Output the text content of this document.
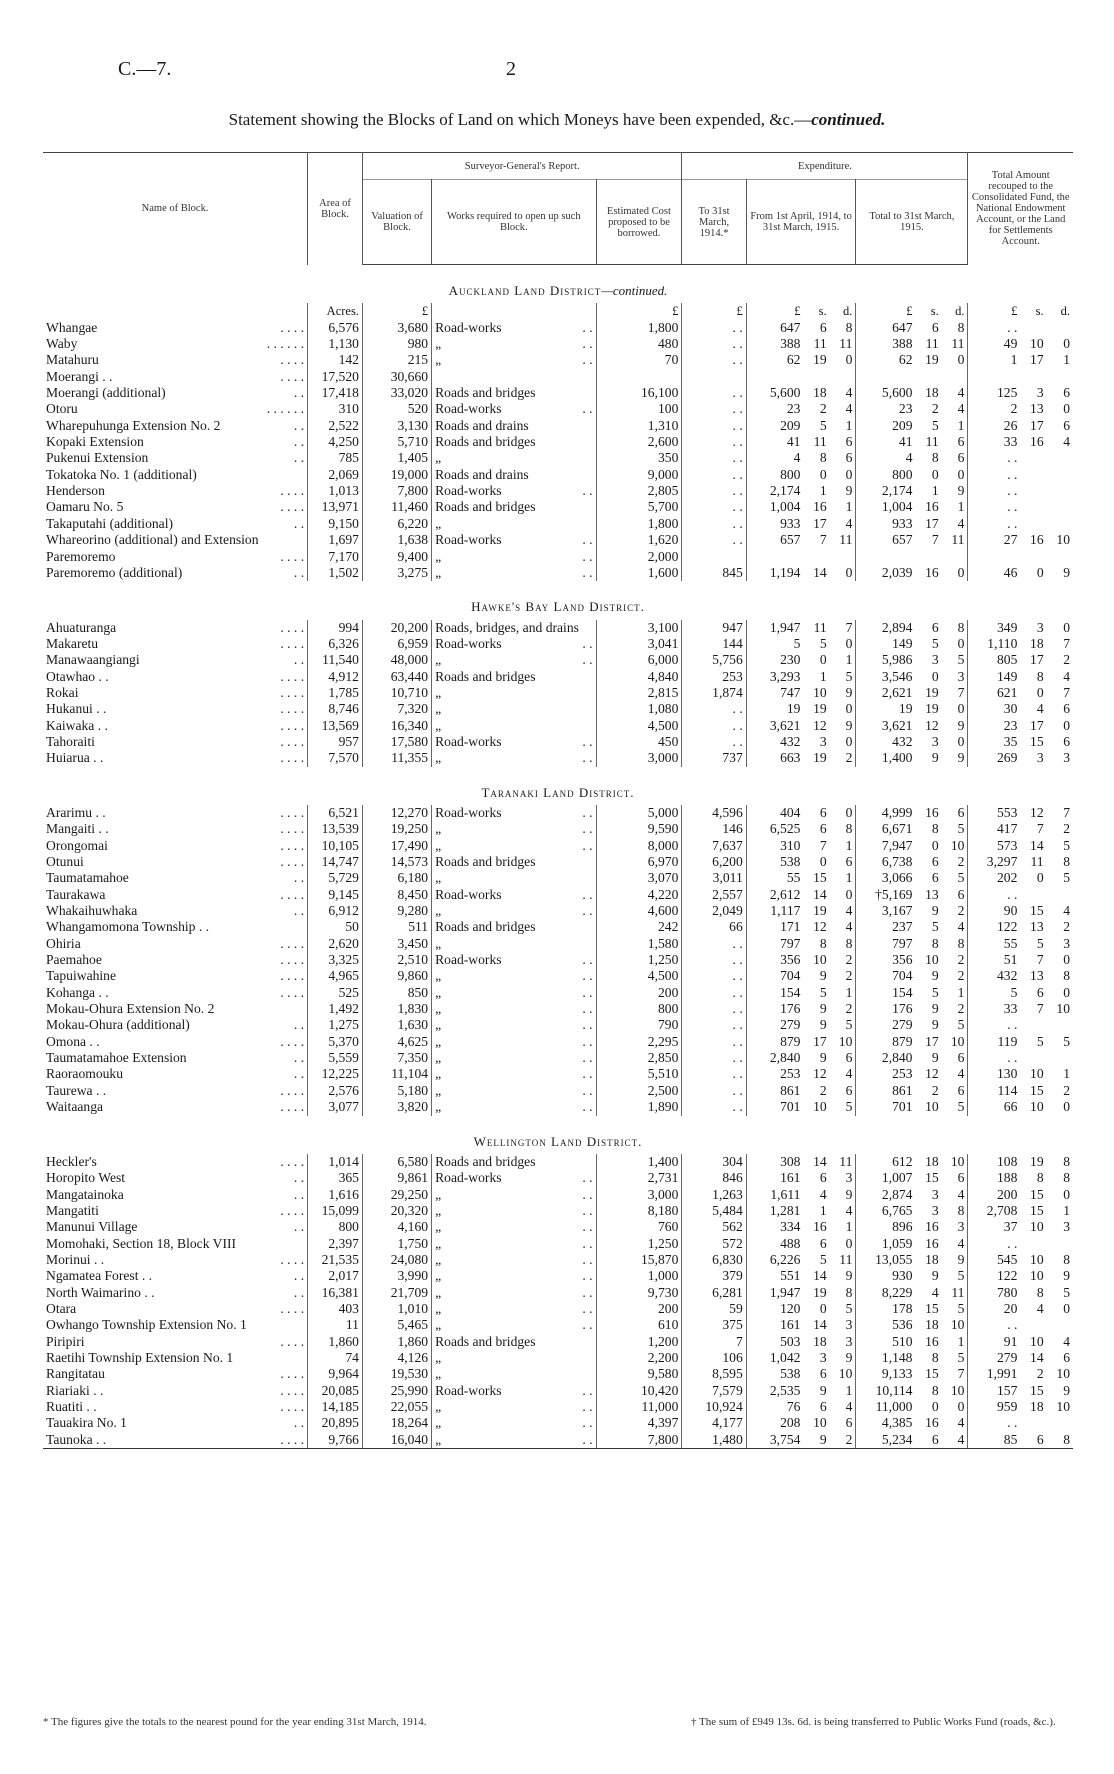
C.—7.	2
Statement showing the Blocks of Land on which Moneys have been expended, &c.—continued.
Name of Block.	Area of Block.	Surveyor-General's Report.			Expenditure.							Total Amount recouped to the Consolidated Fund, the National Endowment Account, or the Land for Settlements Account.		
		Valuation of Block.	Works required to open up such Block.	Estimated Cost proposed to be borrowed.	To 31st March, 1914.*	From 1st April, 1914, to 31st March, 1915.			Total to 31st March, 1915.					
Auckland Land District—continued.														
	Acres.	£		£	£	£	s.	d.	£	s.	d.	£	s.	d.
Whangae . . . .	6,576	3,680	Road-works . .	1,800	. .	647	6	8	647	6	8	. .		
Waby . . . . . .	1,130	980	„ . .	480	. .	388	11	11	388	11	11	49	10	0
Matahuru . . . .	142	215	„ . .	70	. .	62	19	0	62	19	0	1	17	1
Moerangi . . . . . .	17,520	30,660												
Moerangi (additional) . .	17,418	33,020	Roads and bridges	16,100	. .	5,600	18	4	5,600	18	4	125	3	6
Otoru . . . . . .	310	520	Road-works . .	100	. .	23	2	4	23	2	4	2	13	0
Wharepuhunga Extension No. 2 . .	2,522	3,130	Roads and drains	1,310	. .	209	5	1	209	5	1	26	17	6
Kopaki Extension . .	4,250	5,710	Roads and bridges	2,600	. .	41	11	6	41	11	6	33	16	4
Pukenui Extension . .	785	1,405	„	350	. .	4	8	6	4	8	6	. .		
Tokatoka No. 1 (additional)	2,069	19,000	Roads and drains	9,000	. .	800	0	0	800	0	0	. .		
Henderson . . . .	1,013	7,800	Road-works . .	2,805	. .	2,174	1	9	2,174	1	9	. .		
Oamaru No. 5 . . . .	13,971	11,460	Roads and bridges	5,700	. .	1,004	16	1	1,004	16	1	. .		
Takaputahi (additional) . .	9,150	6,220	„	1,800	. .	933	17	4	933	17	4	. .		
Whareorino (additional) and Extension	1,697	1,638	Road-works . .	1,620	. .	657	7	11	657	7	11	27	16	10
Paremoremo . . . .	7,170	9,400	„ . .	2,000										
Paremoremo (additional) . .	1,502	3,275	„ . .	1,600	845	1,194	14	0	2,039	16	0	46	0	9
Hawke's Bay Land District.														
Ahuaturanga . . . .	994	20,200	Roads, bridges, and drains	3,100	947	1,947	11	7	2,894	6	8	349	3	0
Makaretu . . . .	6,326	6,959	Road-works . .	3,041	144	5	5	0	149	5	0	1,110	18	7
Manawaangiangi . .	11,540	48,000	„ . .	6,000	5,756	230	0	1	5,986	3	5	805	17	2
Otawhao . . . . . .	4,912	63,440	Roads and bridges	4,840	253	3,293	1	5	3,546	0	3	149	8	4
Rokai . . . .	1,785	10,710	„	2,815	1,874	747	10	9	2,621	19	7	621	0	7
Hukanui . . . . . .	8,746	7,320	„	1,080	. .	19	19	0	19	19	0	30	4	6
Kaiwaka . . . . . .	13,569	16,340	„	4,500	. .	3,621	12	9	3,621	12	9	23	17	0
Tahoraiti . . . .	957	17,580	Road-works . .	450	. .	432	3	0	432	3	0	35	15	6
Huiarua . . . . . .	7,570	11,355	„ . .	3,000	737	663	19	2	1,400	9	9	269	3	3
Taranaki Land District.														
Ararimu . . . . . .	6,521	12,270	Road-works . .	5,000	4,596	404	6	0	4,999	16	6	553	12	7
Mangaiti . . . . . .	13,539	19,250	„ . .	9,590	146	6,525	6	8	6,671	8	5	417	7	2
Orongomai . . . .	10,105	17,490	„ . .	8,000	7,637	310	7	1	7,947	0	10	573	14	5
Otunui . . . .	14,747	14,573	Roads and bridges	6,970	6,200	538	0	6	6,738	6	2	3,297	11	8
Taumatamahoe . .	5,729	6,180	„	3,070	3,011	55	15	1	3,066	6	5	202	0	5
Taurakawa . . . .	9,145	8,450	Road-works . .	4,220	2,557	2,612	14	0	†5,169	13	6	. .		
Whakaihuwhaka . .	6,912	9,280	„ . .	4,600	2,049	1,117	19	4	3,167	9	2	90	15	4
Whangamomona Township . .	50	511	Roads and bridges	242	66	171	12	4	237	5	4	122	13	2
Ohiria . . . .	2,620	3,450	„	1,580	. .	797	8	8	797	8	8	55	5	3
Paemahoe . . . .	3,325	2,510	Road-works . .	1,250	. .	356	10	2	356	10	2	51	7	0
Tapuiwahine . . . .	4,965	9,860	„ . .	4,500	. .	704	9	2	704	9	2	432	13	8
Kohanga . . . . . .	525	850	„ . .	200	. .	154	5	1	154	5	1	5	6	0
Mokau-Ohura Extension No. 2	1,492	1,830	„ . .	800	. .	176	9	2	176	9	2	33	7	10
Mokau-Ohura (additional) . .	1,275	1,630	„ . .	790	. .	279	9	5	279	9	5	. .		
Omona . . . . . .	5,370	4,625	„ . .	2,295	. .	879	17	10	879	17	10	119	5	5
Taumatamahoe Extension . .	5,559	7,350	„ . .	2,850	. .	2,840	9	6	2,840	9	6	. .		
Raoraomouku . .	12,225	11,104	„ . .	5,510	. .	253	12	4	253	12	4	130	10	1
Taurewa . . . . . .	2,576	5,180	„ . .	2,500	. .	861	2	6	861	2	6	114	15	2
Waitaanga . . . .	3,077	3,820	„ . .	1,890	. .	701	10	5	701	10	5	66	10	0
Wellington Land District.														
Heckler's . . . .	1,014	6,580	Roads and bridges	1,400	304	308	14	11	612	18	10	108	19	8
Horopito West . .	365	9,861	Road-works . .	2,731	846	161	6	3	1,007	15	6	188	8	8
Mangatainoka . .	1,616	29,250	„ . .	3,000	1,263	1,611	4	9	2,874	3	4	200	15	0
Mangatiti . . . .	15,099	20,320	„ . .	8,180	5,484	1,281	1	4	6,765	3	8	2,708	15	1
Manunui Village . .	800	4,160	„ . .	760	562	334	16	1	896	16	3	37	10	3
Momohaki, Section 18, Block VIII	2,397	1,750	„ . .	1,250	572	488	6	0	1,059	16	4	. .		
Morinui . . . . . .	21,535	24,080	„ . .	15,870	6,830	6,226	5	11	13,055	18	9	545	10	8
Ngamatea Forest . . . .	2,017	3,990	„ . .	1,000	379	551	14	9	930	9	5	122	10	9
North Waimarino . . . .	16,381	21,709	„ . .	9,730	6,281	1,947	19	8	8,229	4	11	780	8	5
Otara . . . .	403	1,010	„ . .	200	59	120	0	5	178	15	5	20	4	0
Owhango Township Extension No. 1	11	5,465	„ . .	610	375	161	14	3	536	18	10	. .		
Piripiri . . . .	1,860	1,860	Roads and bridges	1,200	7	503	18	3	510	16	1	91	10	4
Raetihi Township Extension No. 1	74	4,126	„	2,200	106	1,042	3	9	1,148	8	5	279	14	6
Rangitatau . . . .	9,964	19,530	„	9,580	8,595	538	6	10	9,133	15	7	1,991	2	10
Riariaki . . . . . .	20,085	25,990	Road-works . .	10,420	7,579	2,535	9	1	10,114	8	10	157	15	9
Ruatiti . . . . . .	14,185	22,055	„ . .	11,000	10,924	76	6	4	11,000	0	0	959	18	10
Tauakira No. 1 . .	20,895	18,264	„ . .	4,397	4,177	208	10	6	4,385	16	4	. .		
Taunoka . . . . . .	9,766	16,040	„ . .	7,800	1,480	3,754	9	2	5,234	6	4	85	6	8
* The figures give the totals to the nearest pound for the year ending 31st March, 1914.	† The sum of £949 13s. 6d. is being transferred to Public Works Fund (roads, &c.).
